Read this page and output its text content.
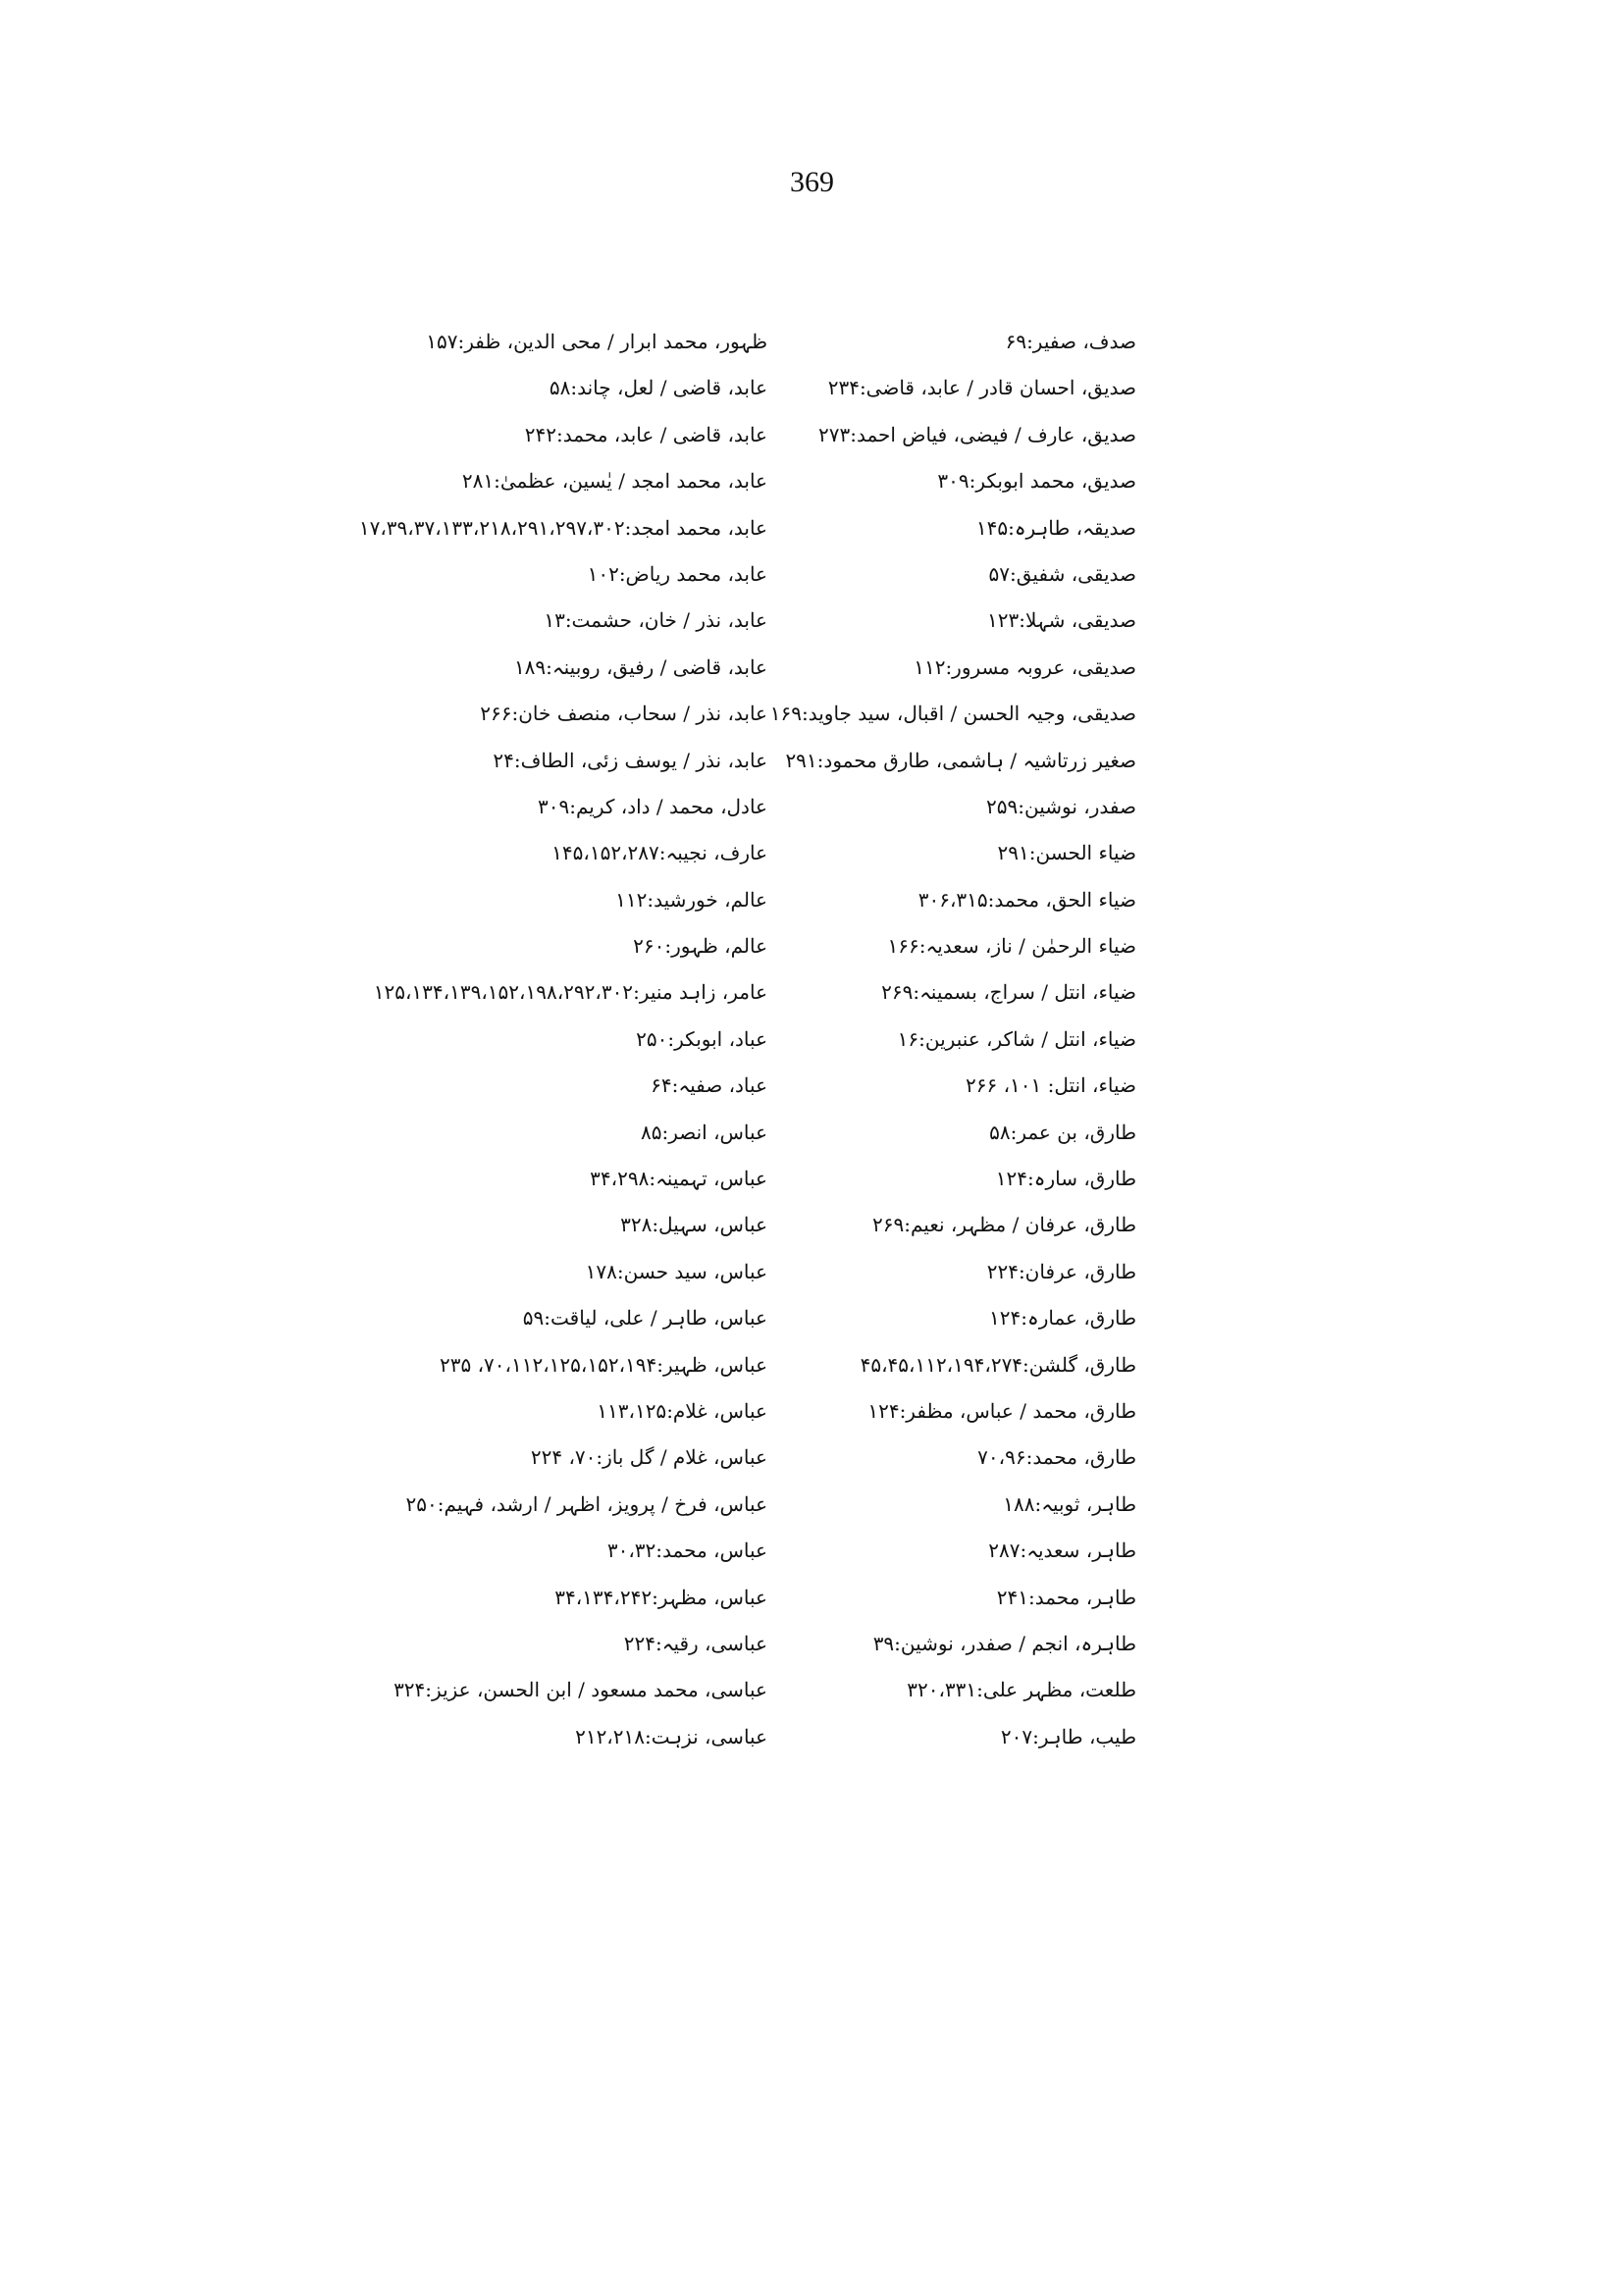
369
صدف، صفیر:۶۹
صدیق، احسان قادر / عابد، قاضی:۲۳۴
صدیق، عارف / فیضی، فیاض احمد:۲۷۳
صدیق، محمد ابوبکر:۳۰۹
صدیقہ، طاہرہ:۱۴۵
صدیقی، شفیق:۵۷
صدیقی، شہلا:۱۲۳
صدیقی، عروبہ مسرور:۱۱۲
صدیقی، وجیہ الحسن / اقبال، سید جاوید:۱۶۹
صغیر زرتاشیہ / ہاشمی، طارق محمود:۲۹۱
صفدر، نوشین:۲۵۹
ضیاء الحسن:۲۹۱
ضیاء الحق، محمد:۳۰۶،۳۱۵
ضیاء الرحمٰن / ناز، سعدیہ:۱۶۶
ضیاء، انتل / سراج، بسمینہ:۲۶۹
ضیاء، انتل / شاکر، عنبرین:۱۶
ضیاء، انتل: ۱۰۱، ۲۶۶
طارق، بن عمر:۵۸
طارق، سارہ:۱۲۴
طارق، عرفان / مظہر، نعیم:۲۶۹
طارق، عرفان:۲۲۴
طارق، عمارہ:۱۲۴
طارق، گلشن:۴۵،۴۵،۱۱۲،۱۹۴،۲۷۴
طارق، محمد / عباس، مظفر:۱۲۴
طارق، محمد:۷۰،۹۶
طاہر، ثوبیہ:۱۸۸
طاہر، سعدیہ:۲۸۷
طاہر، محمد:۲۴۱
طاہرہ، انجم / صفدر، نوشین:۳۹
طلعت، مظہر علی:۳۲۰،۳۳۱
طیب، طاہر:۲۰۷
ظہور، محمد ابرار / محی الدین، ظفر:۱۵۷
عابد، قاضی / لعل، چاند:۵۸
عابد، قاضی / عابد، محمد:۲۴۲
عابد، محمد امجد / یٰسین، عظمیٰ:۲۸۱
عابد، محمد امجد:۱۷،۳۹،۳۷،۱۳۳،۲۱۸،۲۹۱،۲۹۷،۳۰۲
عابد، محمد ریاض:۱۰۲
عابد، نذر / خان، حشمت:۱۳
عابد، قاضی / رفیق، روبینہ:۱۸۹
عابد، نذر / سحاب، منصف خان:۲۶۶
عابد، نذر / یوسف زئی، الطاف:۲۴
عادل، محمد / داد، کریم:۳۰۹
عارف، نجیبہ:۱۴۵،۱۵۲،۲۸۷
عالم، خورشید:۱۱۲
عالم، ظہور:۲۶۰
عامر، زاہد منیر:۱۲۵،۱۳۴،۱۳۹،۱۵۲،۱۹۸،۲۹۲،۳۰۲
عباد، ابوبکر:۲۵۰
عباد، صفیہ:۶۴
عباس، انصر:۸۵
عباس، تہمینہ:۳۴،۲۹۸
عباس، سہیل:۳۲۸
عباس، سید حسن:۱۷۸
عباس، طاہر / علی، لیاقت:۵۹
عباس، ظہیر:۷۰،۱۱۲،۱۲۵،۱۵۲،۱۹۴، ۲۳۵
عباس، غلام:۱۱۳،۱۲۵
عباس، غلام / گل باز:۷۰، ۲۲۴
عباس، فرخ / پرویز، اظہر / ارشد، فہیم:۲۵۰
عباس، محمد:۳۰،۳۲
عباس، مظہر:۳۴،۱۳۴،۲۴۲
عباسی، رقیہ:۲۲۴
عباسی، محمد مسعود / ابن الحسن، عزیز:۳۲۴
عباسی، نزہت:۲۱۲،۲۱۸
